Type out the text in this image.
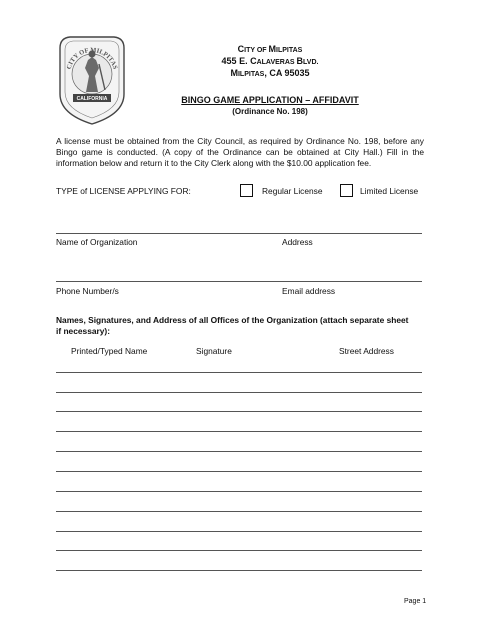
CALIFORNIA
CITY OF MILPITAS
CITY OF MILPITAS
455 E. CALAVERAS BLVD.
MILPITAS, CA 95035
BINGO GAME APPLICATION – AFFIDAVIT
(Ordinance No. 198)
A license must be obtained from the City Council, as required by Ordinance No. 198, before any Bingo game is conducted. (A copy of the Ordinance can be obtained at City Hall.) Fill in the information below and return it to the City Clerk along with the $10.00 application fee.
TYPE of LICENSE APPLYING FOR:	Regular License	Limited License
Name of Organization	Address
Phone Number/s	Email address
Names, Signatures, and Address of all Offices of the Organization (attach separate sheet
if necessary):
Printed/Typed Name	Signature	Street Address
Page 1
